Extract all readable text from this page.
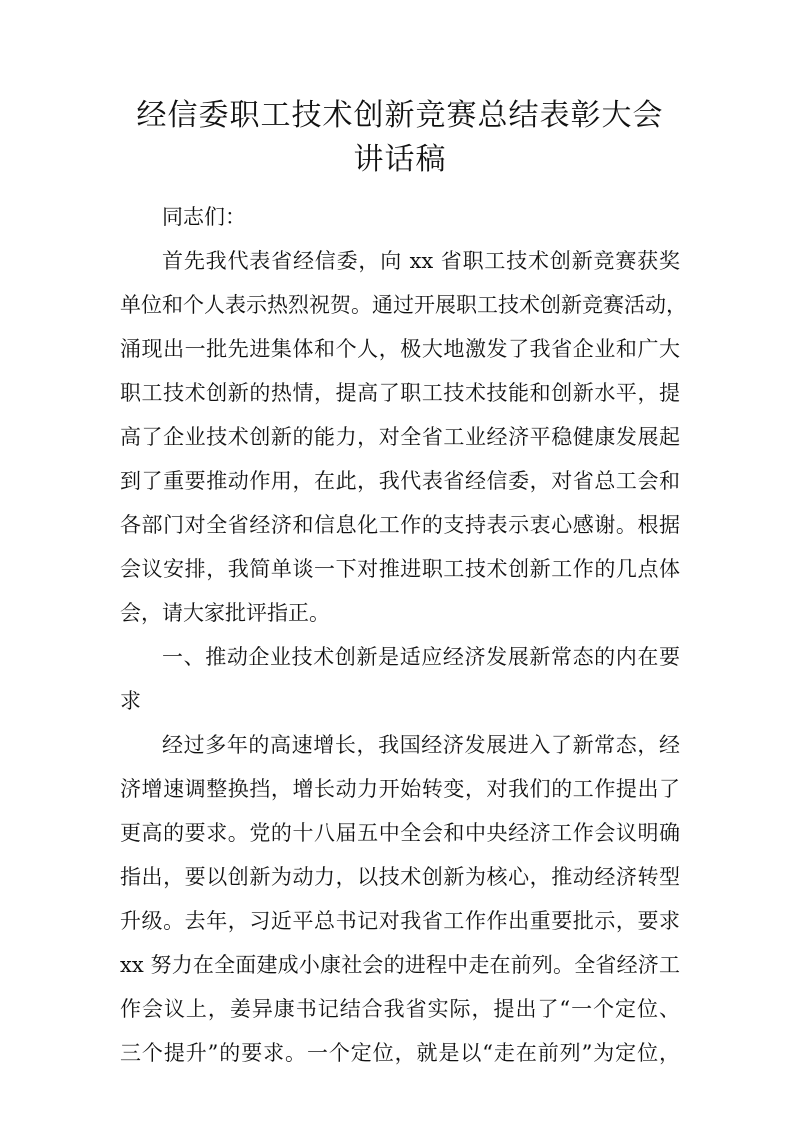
经信委职工技术创新竞赛总结表彰大会
讲话稿
同志们：
首先我代表省经信委，向 xx 省职工技术创新竞赛获奖
单位和个人表示热烈祝贺。通过开展职工技术创新竞赛活动，
涌现出一批先进集体和个人，极大地激发了我省企业和广大
职工技术创新的热情，提高了职工技术技能和创新水平，提
高了企业技术创新的能力，对全省工业经济平稳健康发展起
到了重要推动作用，在此，我代表省经信委，对省总工会和
各部门对全省经济和信息化工作的支持表示衷心感谢。根据
会议安排，我简单谈一下对推进职工技术创新工作的几点体
会，请大家批评指正。
一、推动企业技术创新是适应经济发展新常态的内在要
求
经过多年的高速增长，我国经济发展进入了新常态，经
济增速调整换挡，增长动力开始转变，对我们的工作提出了
更高的要求。党的十八届五中全会和中央经济工作会议明确
指出，要以创新为动力，以技术创新为核心，推动经济转型
升级。去年，习近平总书记对我省工作作出重要批示，要求
xx 努力在全面建成小康社会的进程中走在前列。全省经济工
作会议上，姜异康书记结合我省实际，提出了“一个定位、
三个提升”的要求。一个定位，就是以“走在前列”为定位，
